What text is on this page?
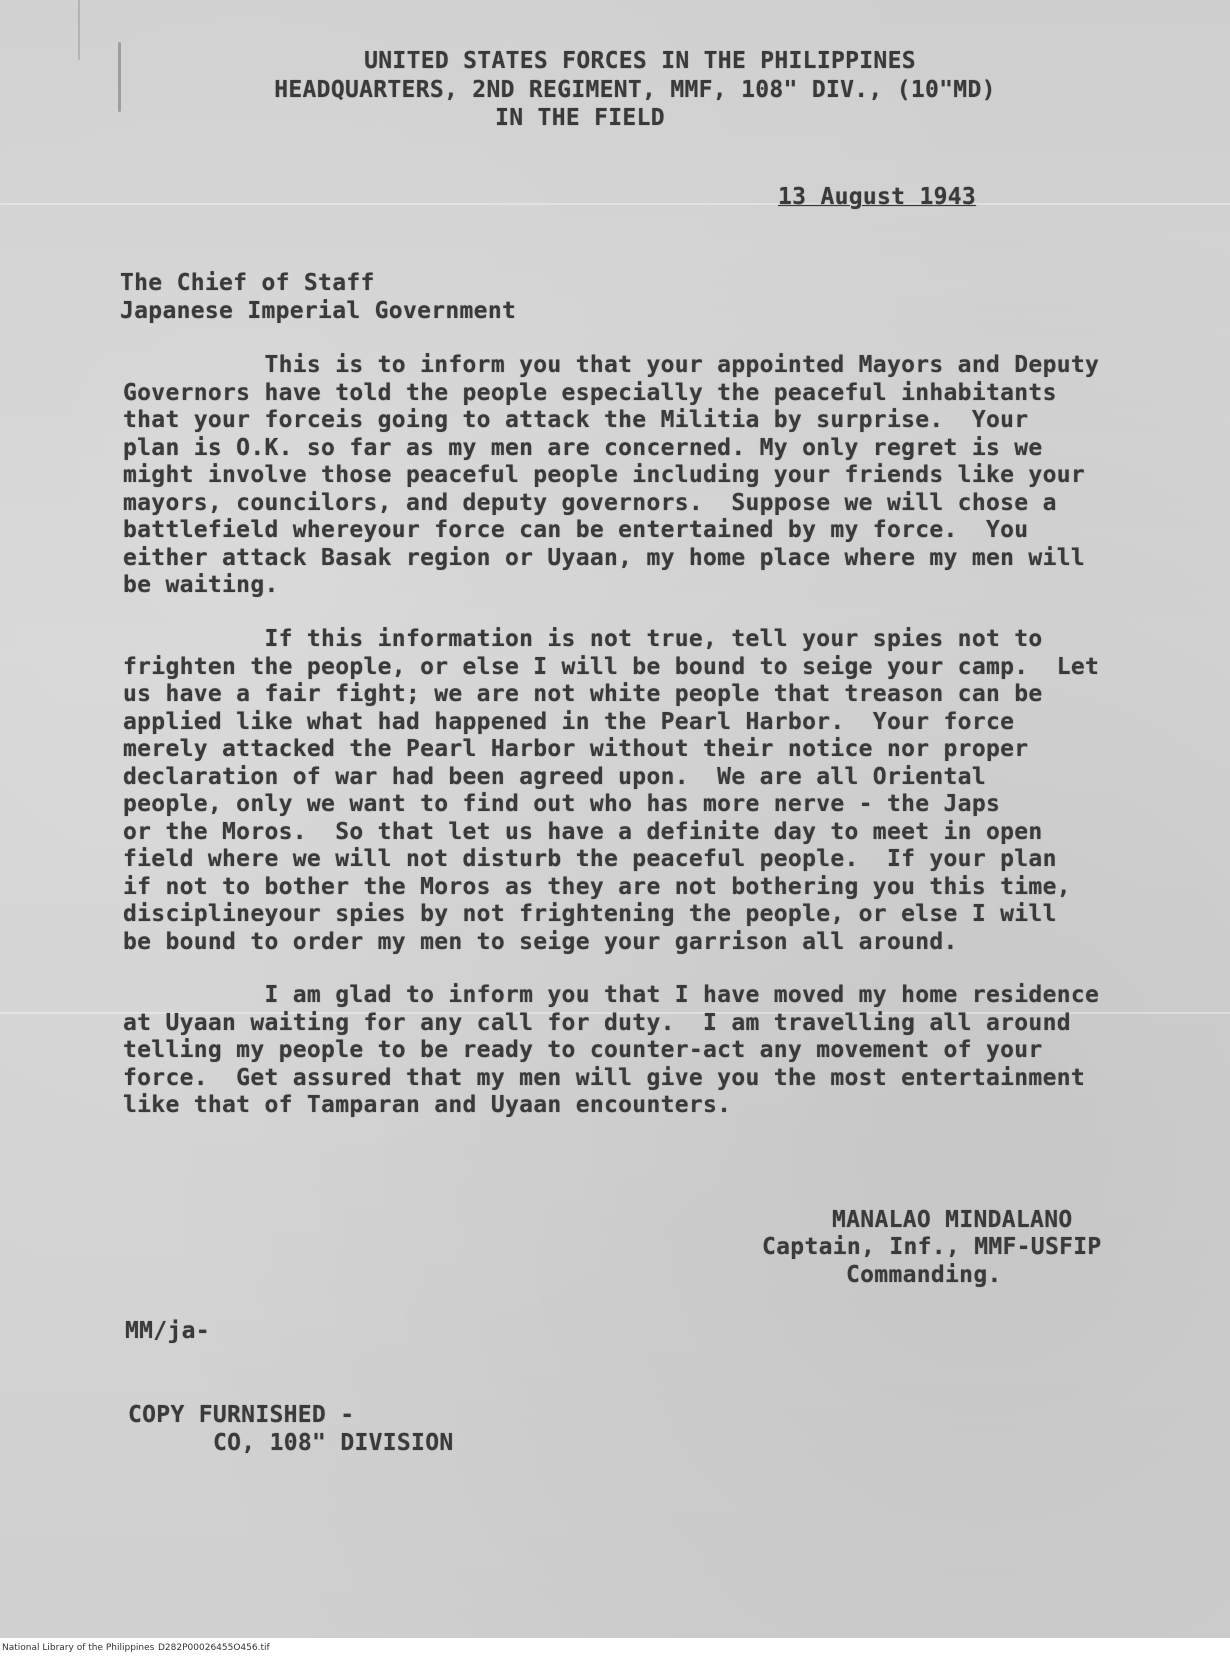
UNITED STATES FORCES IN THE PHILIPPINES
HEADQUARTERS, 2ND REGIMENT, MMF, 108" DIV., (10"MD)
IN THE FIELD
13 August 1943
The Chief of Staff
Japanese Imperial Government
This is to inform you that your appointed Mayors and Deputy
Governors have told the people especially the peaceful inhabitants
that your forceis going to attack the Militia by surprise.  Your
plan is O.K. so far as my men are concerned. My only regret is we
might involve those peaceful people including your friends like your
mayors, councilors, and deputy governors.  Suppose we will chose a
battlefield whereyour force can be entertained by my force.  You
either attack Basak region or Uyaan, my home place where my men will
be waiting.
If this information is not true, tell your spies not to
frighten the people, or else I will be bound to seige your camp.  Let
us have a fair fight; we are not white people that treason can be
applied like what had happened in the Pearl Harbor.  Your force
merely attacked the Pearl Harbor without their notice nor proper
declaration of war had been agreed upon.  We are all Oriental
people, only we want to find out who has more nerve - the Japs
or the Moros.  So that let us have a definite day to meet in open
field where we will not disturb the peaceful people.  If your plan
if not to bother the Moros as they are not bothering you this time,
disciplineyour spies by not frightening the people, or else I will
be bound to order my men to seige your garrison all around.
I am glad to inform you that I have moved my home residence
at Uyaan waiting for any call for duty.  I am travelling all around
telling my people to be ready to counter-act any movement of your
force.  Get assured that my men will give you the most entertainment
like that of Tamparan and Uyaan encounters.
MANALAO MINDALANO
Captain, Inf., MMF-USFIP
Commanding.
MM/ja-
COPY FURNISHED -
CO, 108" DIVISION
National Library of the Philippines D282P00026455O456.tif
